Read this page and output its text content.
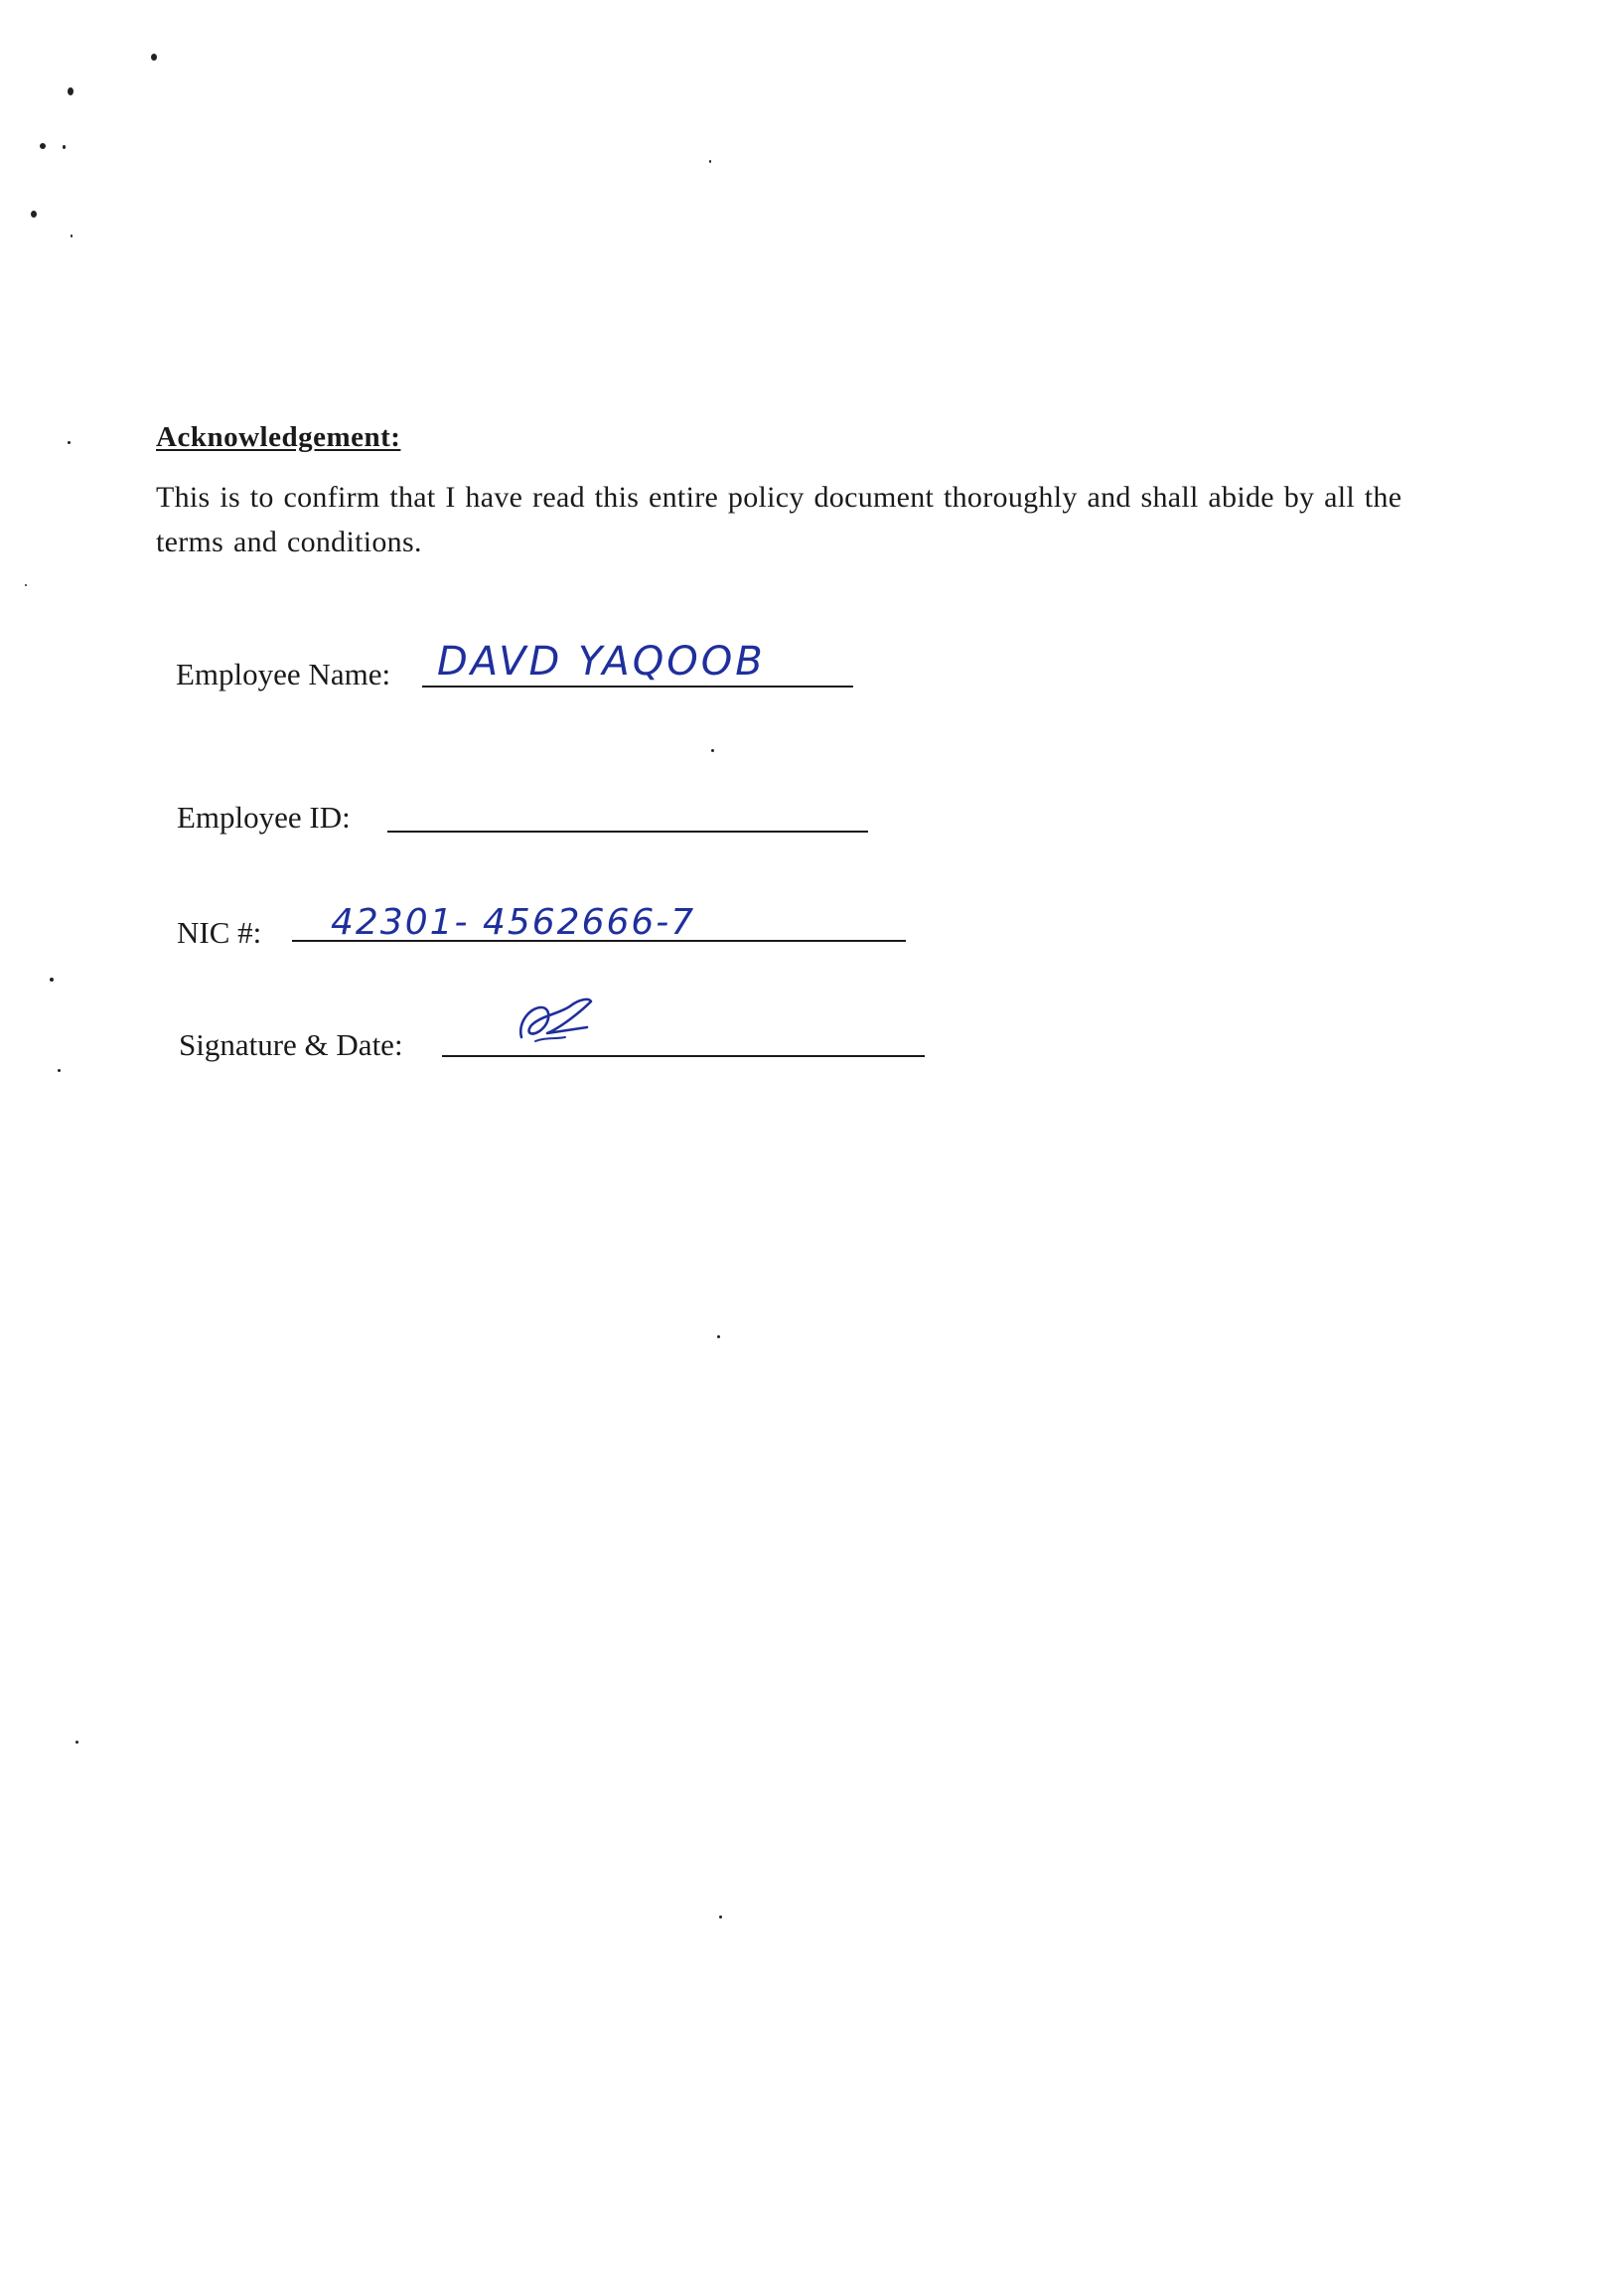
Acknowledgement:
This is to confirm that I have read this entire policy document thoroughly and shall abide by all the terms and conditions.
Employee Name: DAVD YAQOOB
Employee ID:
NIC #: 42301- 4562666-7
Signature & Date:
